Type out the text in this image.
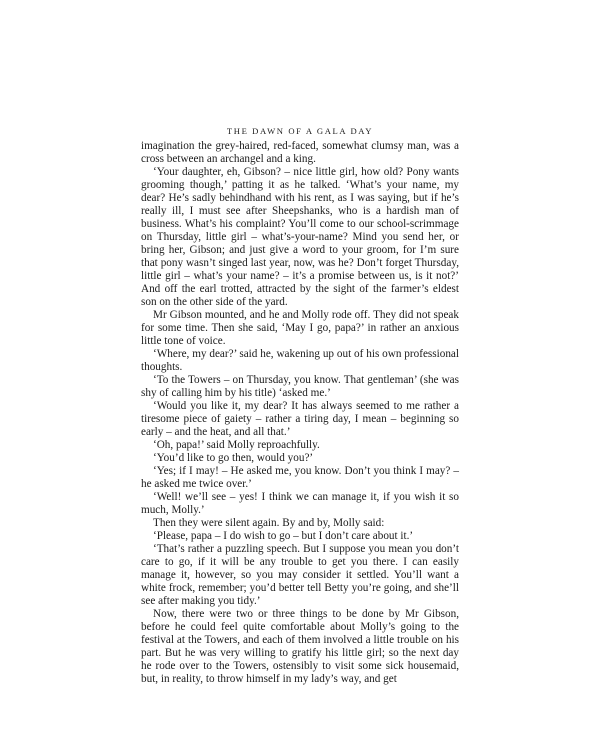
THE DAWN OF A GALA DAY

imagination the grey-haired, red-faced, somewhat clumsy man, was a cross between an archangel and a king.

‘Your daughter, eh, Gibson? – nice little girl, how old? Pony wants grooming though,’ patting it as he talked. ‘What’s your name, my dear? He’s sadly behindhand with his rent, as I was saying, but if he’s really ill, I must see after Sheepshanks, who is a hardish man of business. What’s his complaint? You’ll come to our school-scrimmage on Thursday, little girl – what’s-your-name? Mind you send her, or bring her, Gibson; and just give a word to your groom, for I’m sure that pony wasn’t singed last year, now, was he? Don’t forget Thursday, little girl – what’s your name? – it’s a promise between us, is it not?’ And off the earl trotted, attracted by the sight of the farmer’s eldest son on the other side of the yard.

Mr Gibson mounted, and he and Molly rode off. They did not speak for some time. Then she said, ‘May I go, papa?’ in rather an anxious little tone of voice.

‘Where, my dear?’ said he, wakening up out of his own professional thoughts.

‘To the Towers – on Thursday, you know. That gentleman’ (she was shy of calling him by his title) ‘asked me.’

‘Would you like it, my dear? It has always seemed to me rather a tiresome piece of gaiety – rather a tiring day, I mean – beginning so early – and the heat, and all that.’

‘Oh, papa!’ said Molly reproachfully.

‘You’d like to go then, would you?’

‘Yes; if I may! – He asked me, you know. Don’t you think I may? – he asked me twice over.’

‘Well! we’ll see – yes! I think we can manage it, if you wish it so much, Molly.’

Then they were silent again. By and by, Molly said:

‘Please, papa – I do wish to go – but I don’t care about it.’

‘That’s rather a puzzling speech. But I suppose you mean you don’t care to go, if it will be any trouble to get you there. I can easily manage it, however, so you may consider it settled. You’ll want a white frock, remember; you’d better tell Betty you’re going, and she’ll see after making you tidy.’

Now, there were two or three things to be done by Mr Gibson, before he could feel quite comfortable about Molly’s going to the festival at the Towers, and each of them involved a little trouble on his part. But he was very willing to gratify his little girl; so the next day he rode over to the Towers, ostensibly to visit some sick housemaid, but, in reality, to throw himself in my lady’s way, and get
